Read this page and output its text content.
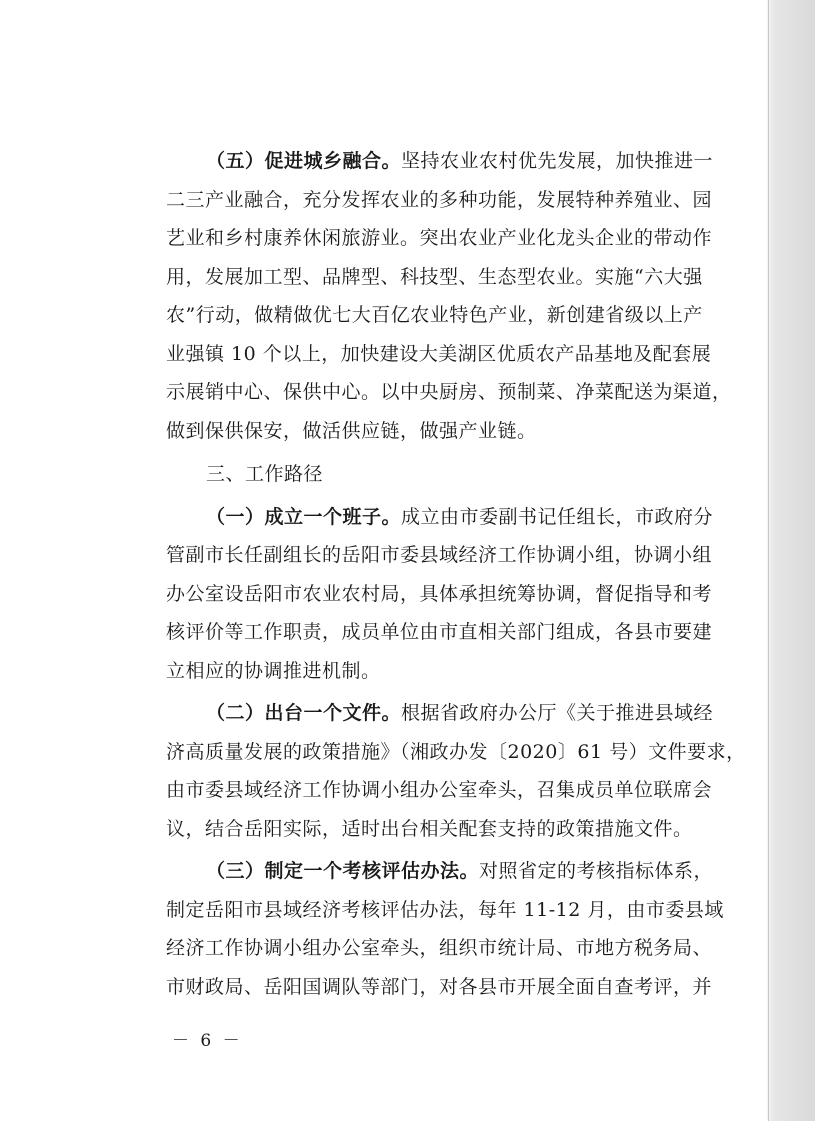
（五）促进城乡融合。坚持农业农村优先发展，加快推进一
二三产业融合，充分发挥农业的多种功能，发展特种养殖业、园
艺业和乡村康养休闲旅游业。突出农业产业化龙头企业的带动作
用，发展加工型、品牌型、科技型、生态型农业。实施“六大强
农”行动，做精做优七大百亿农业特色产业，新创建省级以上产
业强镇 10 个以上，加快建设大美湖区优质农产品基地及配套展
示展销中心、保供中心。以中央厨房、预制菜、净菜配送为渠道，
做到保供保安，做活供应链，做强产业链。
三、工作路径
（一）成立一个班子。成立由市委副书记任组长，市政府分
管副市长任副组长的岳阳市委县域经济工作协调小组，协调小组
办公室设岳阳市农业农村局，具体承担统筹协调，督促指导和考
核评价等工作职责，成员单位由市直相关部门组成，各县市要建
立相应的协调推进机制。
（二）出台一个文件。根据省政府办公厅《关于推进县域经
济高质量发展的政策措施》（湘政办发〔2020〕61 号）文件要求，
由市委县域经济工作协调小组办公室牵头，召集成员单位联席会
议，结合岳阳实际，适时出台相关配套支持的政策措施文件。
（三）制定一个考核评估办法。对照省定的考核指标体系，
制定岳阳市县域经济考核评估办法，每年 11-12 月，由市委县域
经济工作协调小组办公室牵头，组织市统计局、市地方税务局、
市财政局、岳阳国调队等部门，对各县市开展全面自查考评，并
－ 6 －
